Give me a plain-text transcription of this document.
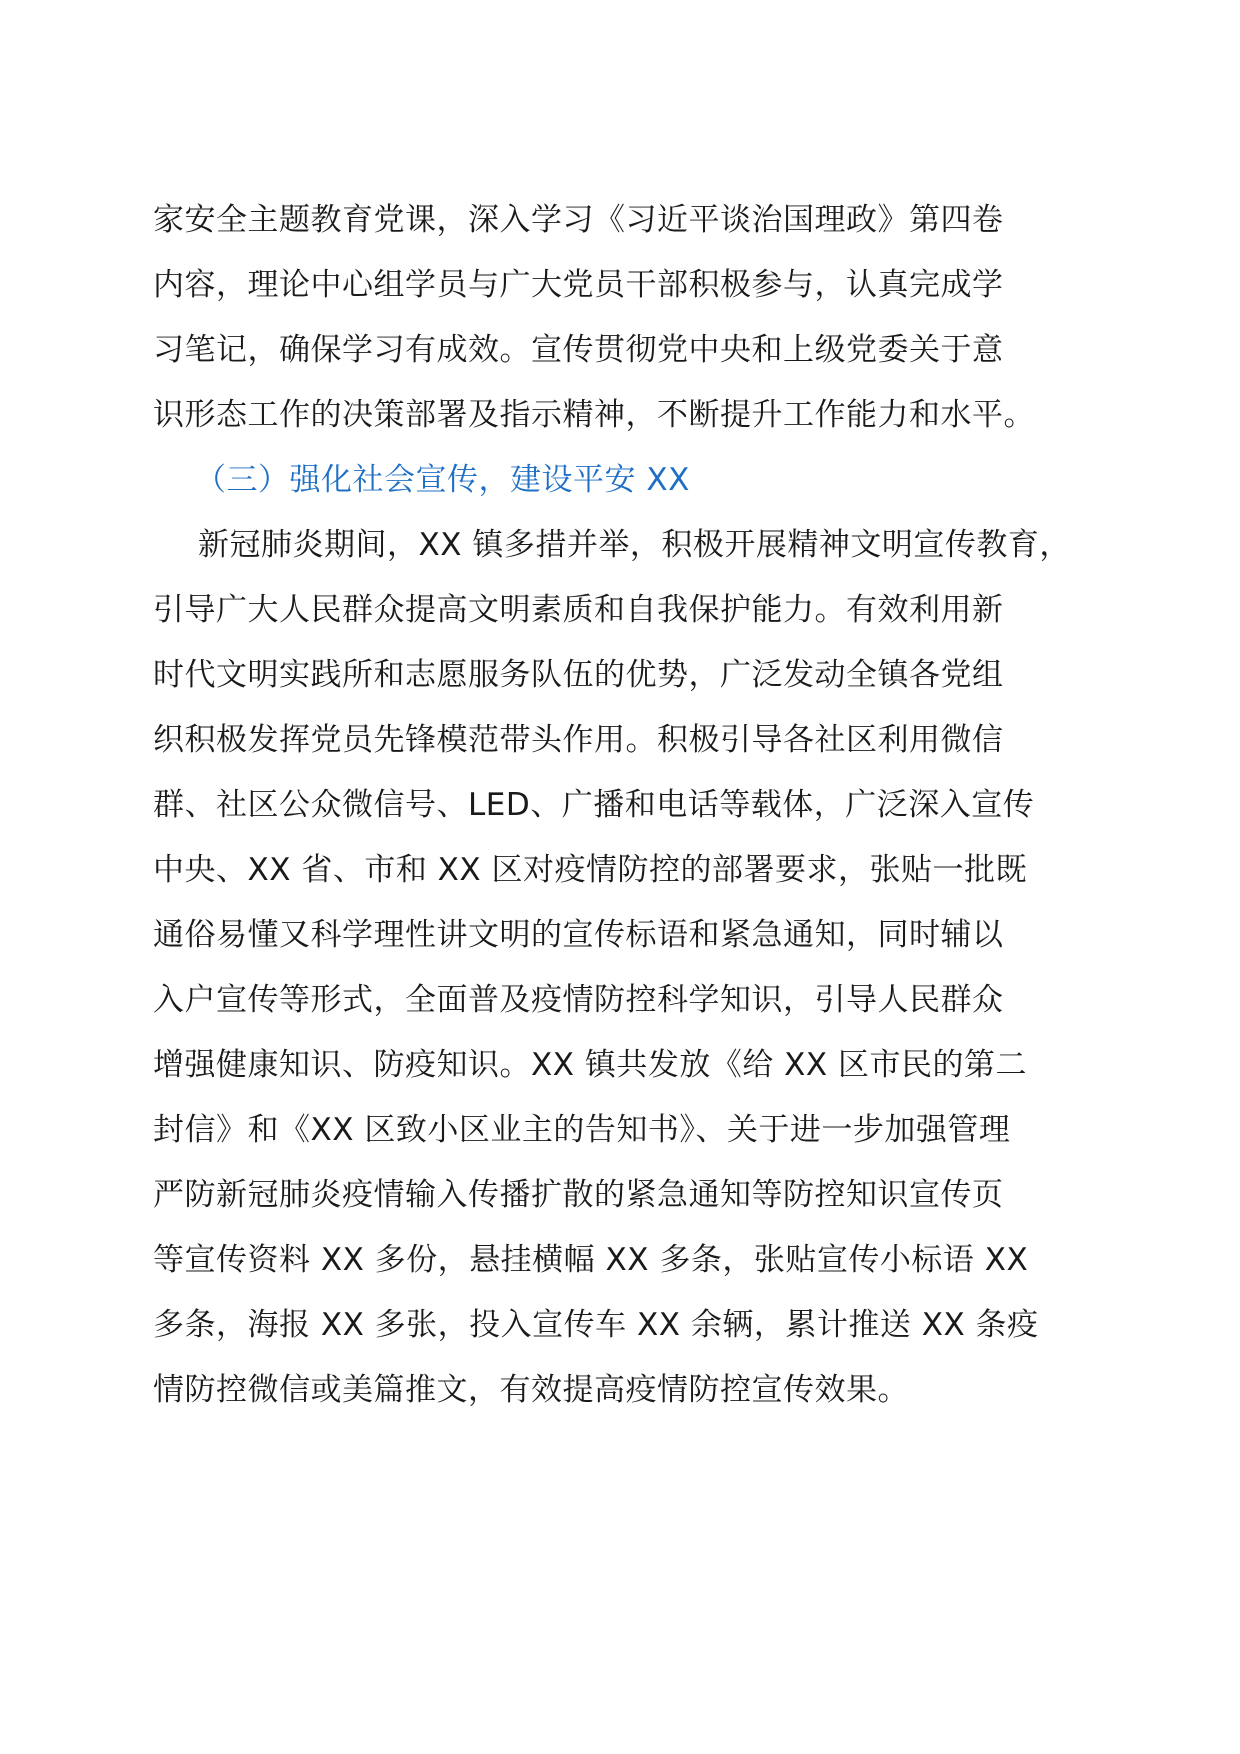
家安全主题教育党课，深入学习《习近平谈治国理政》第四卷
内容，理论中心组学员与广大党员干部积极参与，认真完成学
习笔记，确保学习有成效。宣传贯彻党中央和上级党委关于意
识形态工作的决策部署及指示精神，不断提升工作能力和水平。
（三）强化社会宣传，建设平安 XX
新冠肺炎期间，XX 镇多措并举，积极开展精神文明宣传教育，
引导广大人民群众提高文明素质和自我保护能力。有效利用新
时代文明实践所和志愿服务队伍的优势，广泛发动全镇各党组
织积极发挥党员先锋模范带头作用。积极引导各社区利用微信
群、社区公众微信号、LED、广播和电话等载体，广泛深入宣传
中央、XX 省、市和 XX 区对疫情防控的部署要求，张贴一批既
通俗易懂又科学理性讲文明的宣传标语和紧急通知，同时辅以
入户宣传等形式，全面普及疫情防控科学知识，引导人民群众
增强健康知识、防疫知识。XX 镇共发放《给 XX 区市民的第二
封信》和《XX 区致小区业主的告知书》、关于进一步加强管理
严防新冠肺炎疫情输入传播扩散的紧急通知等防控知识宣传页
等宣传资料 XX 多份，悬挂横幅 XX 多条，张贴宣传小标语 XX
多条，海报 XX 多张，投入宣传车 XX 余辆，累计推送 XX 条疫
情防控微信或美篇推文，有效提高疫情防控宣传效果。
